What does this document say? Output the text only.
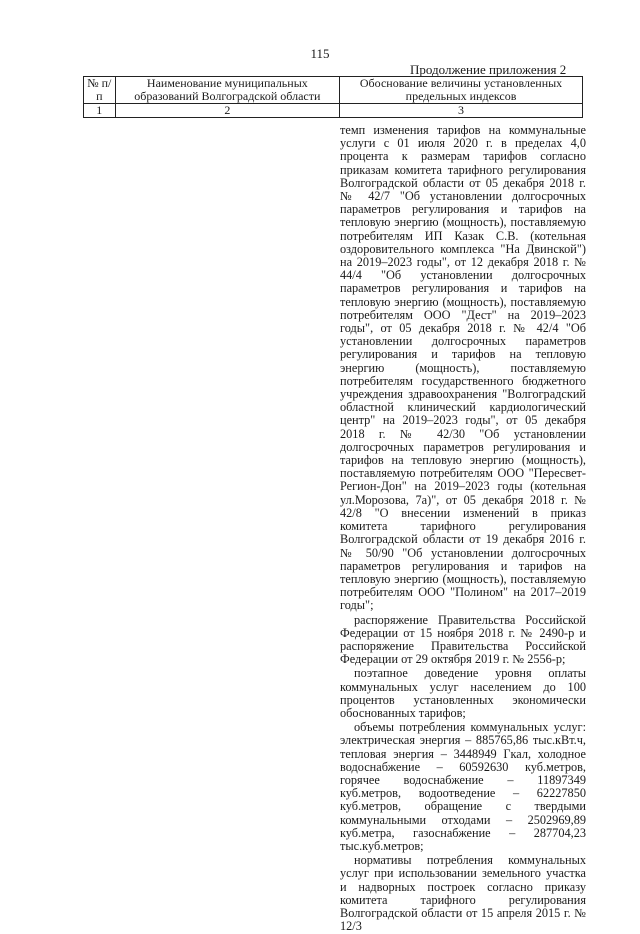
115
Продолжение приложения 2
№ п/п	Наименование муниципальных образований Волгоградской области	Обоснование величины установленных предельных индексов
1	2	3

темп изменения тарифов на коммунальные услуги с 01 июля 2020 г. в пределах 4,0 процента к размерам тарифов согласно приказам комитета тарифного регулирования Волгоградской области от 05 декабря 2018 г. № 42/7 "Об установлении долгосрочных параметров регулирования и тарифов на тепловую энергию (мощность), поставляемую потребителям ИП Казак С.В. (котельная оздоровительного комплекса "На Двинской") на 2019–2023 годы", от 12 декабря 2018 г. № 44/4 "Об установлении долгосрочных параметров регулирования и тарифов на тепловую энергию (мощность), поставляемую потребителям ООО "Дест" на 2019–2023 годы", от 05 декабря 2018 г. № 42/4 "Об установлении долгосрочных параметров регулирования и тарифов на тепловую энергию (мощность), поставляемую потребителям государственного бюджетного учреждения здравоохранения "Волгоградский областной клинический кардиологический центр" на 2019–2023 годы", от 05 декабря 2018 г. № 42/30 "Об установлении долгосрочных параметров регулирования и тарифов на тепловую энергию (мощность), поставляемую потребителям ООО "Пересвет-Регион-Дон" на 2019–2023 годы (котельная ул.Морозова, 7а)", от 05 декабря 2018 г. № 42/8 "О внесении изменений в приказ комитета тарифного регулирования Волгоградской области от 19 декабря 2016 г. № 50/90 "Об установлении долгосрочных параметров регулирования и тарифов на тепловую энергию (мощность), поставляемую потребителям ООО "Полином" на 2017–2019 годы";

распоряжение Правительства Российской Федерации от 15 ноября 2018 г. № 2490-р и распоряжение Правительства Российской Федерации от 29 октября 2019 г. № 2556-р;

поэтапное доведение уровня оплаты коммунальных услуг населением до 100 процентов установленных экономически обоснованных тарифов;

объемы потребления коммунальных услуг: электрическая энергия – 885765,86 тыс.кВт.ч, тепловая энергия – 3448949 Гкал, холодное водоснабжение – 60592630 куб.метров, горячее водоснабжение – 11897349 куб.метров, водоотведение – 62227850 куб.метров, обращение с твердыми коммунальными отходами – 2502969,89 куб.метра, газоснабжение – 287704,23 тыс.куб.метров;

нормативы потребления коммунальных услуг при использовании земельного участка и надворных построек согласно приказу комитета тарифного регулирования Волгоградской области от 15 апреля 2015 г. № 12/3
